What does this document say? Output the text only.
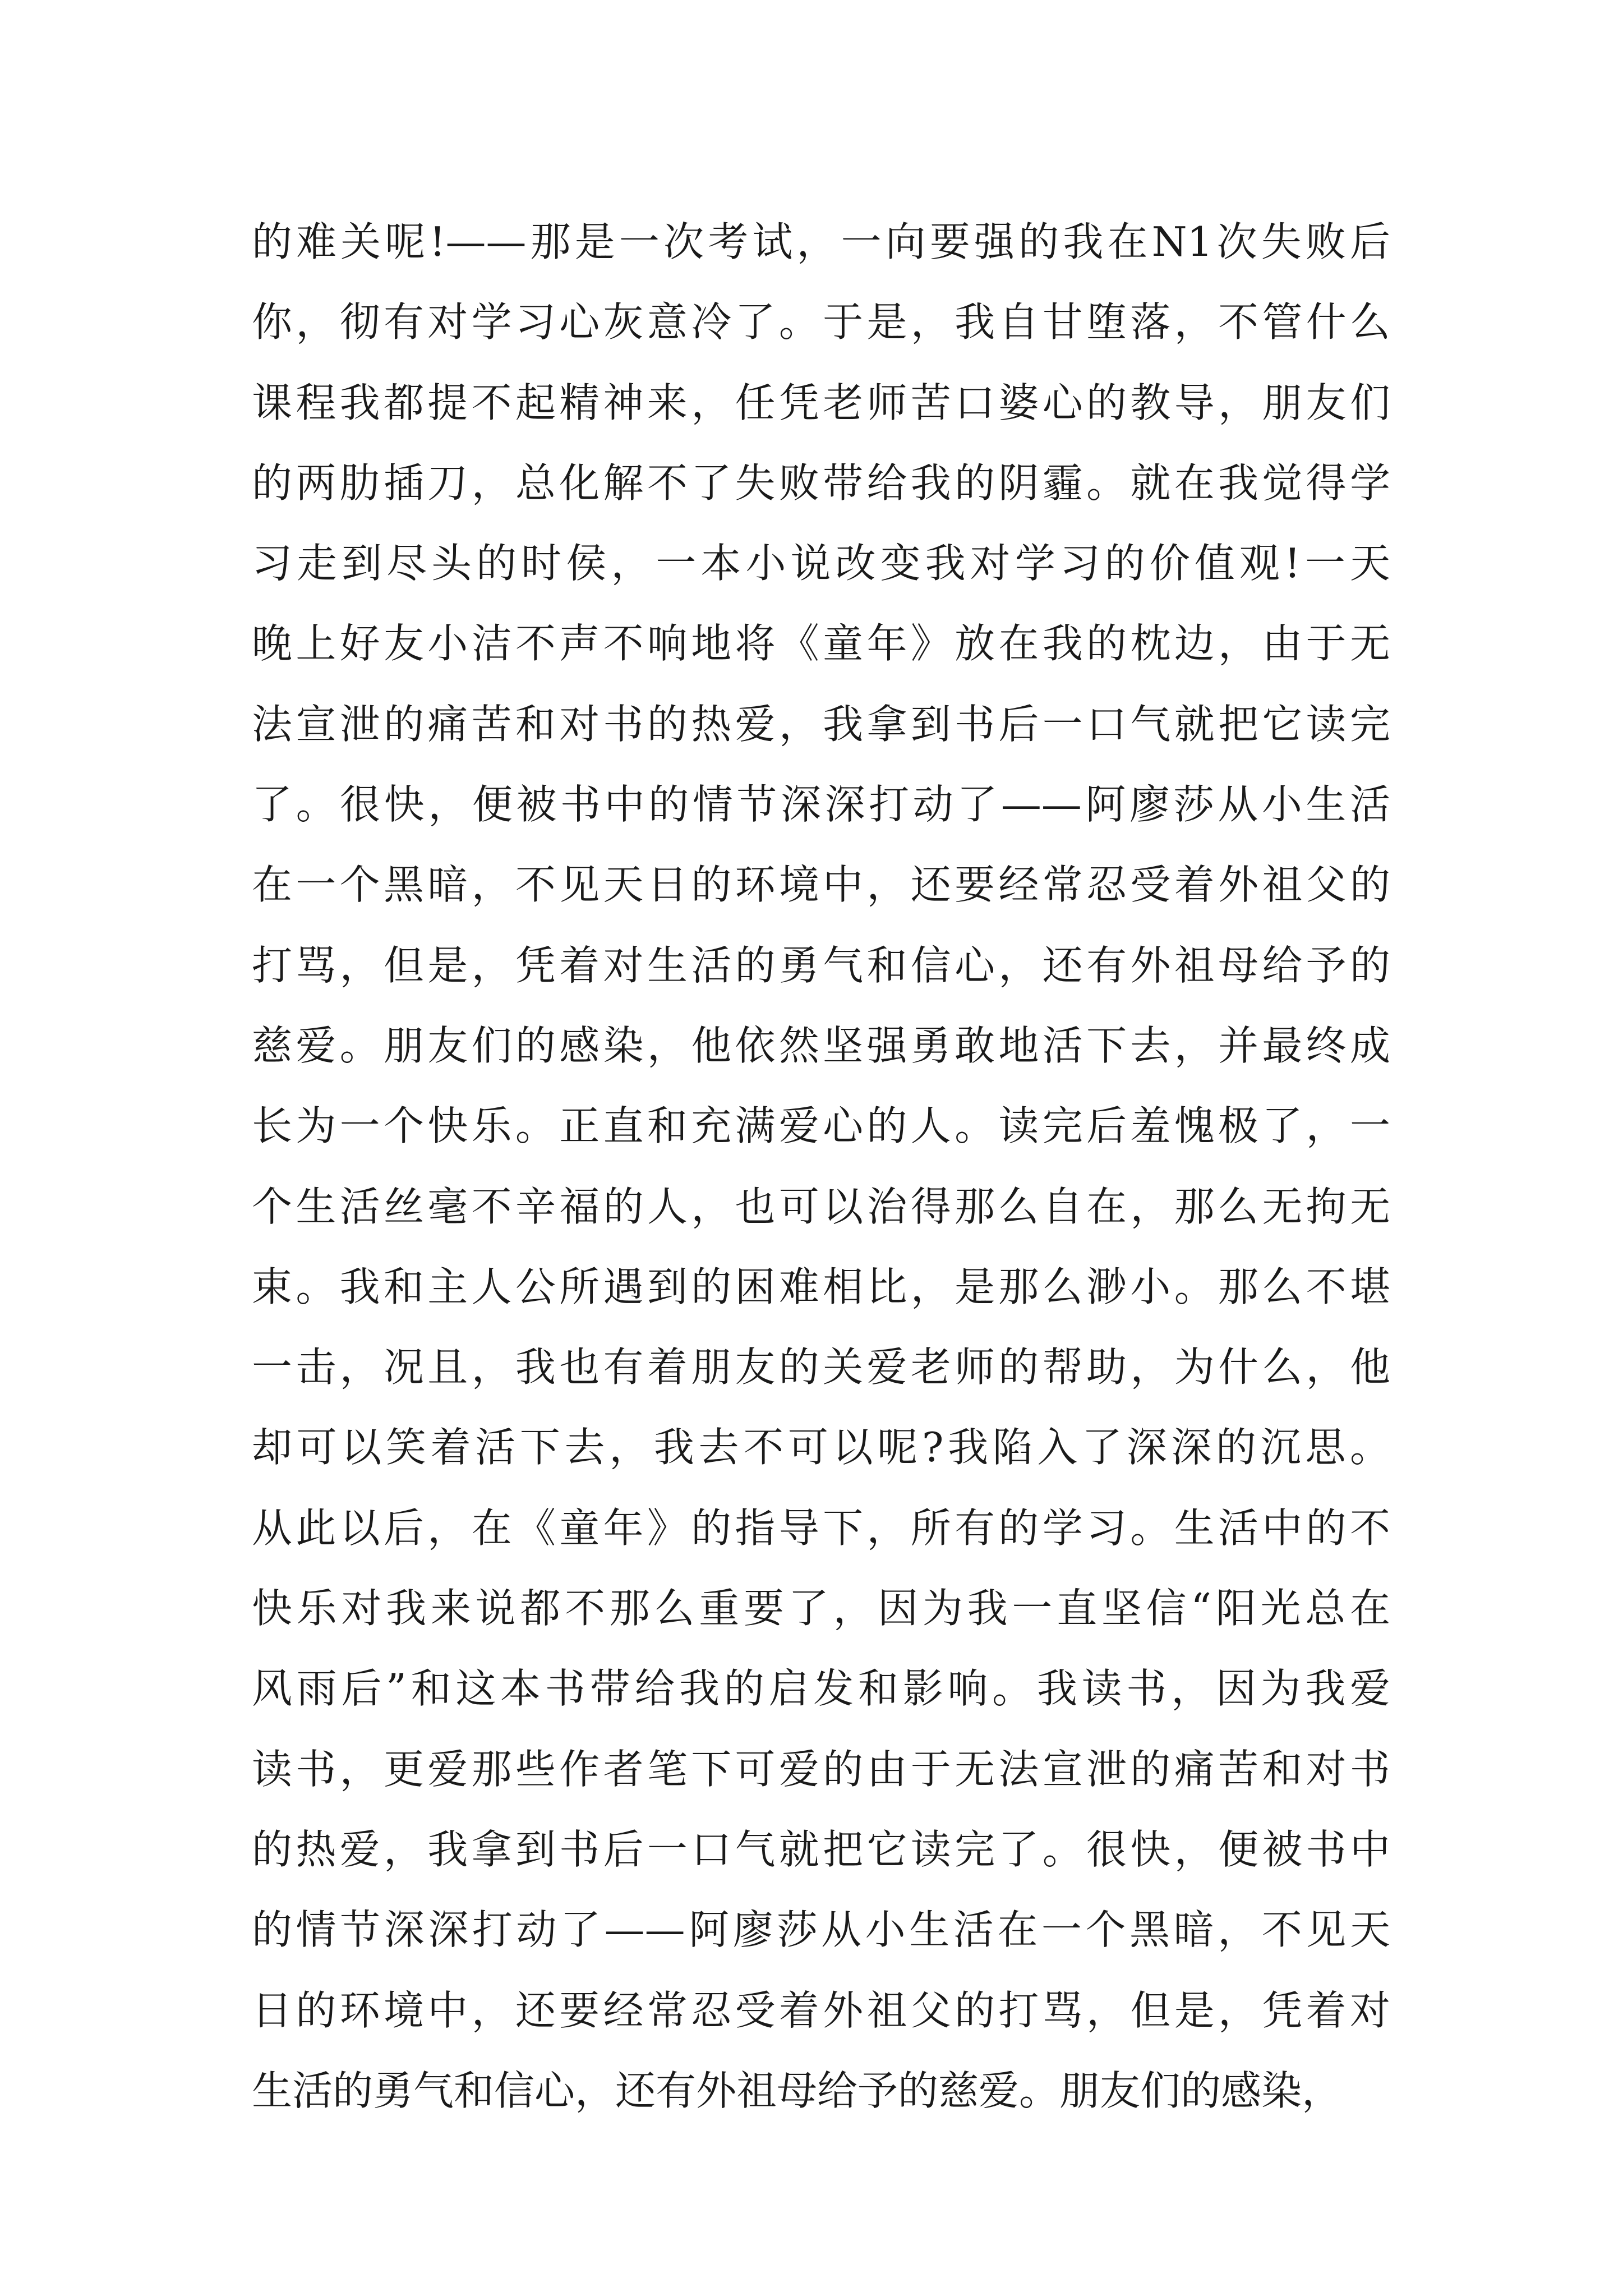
的难关呢!——那是一次考试，一向要强的我在N1次失败后
你，彻有对学习心灰意冷了。于是，我自甘堕落，不管什么
课程我都提不起精神来，任凭老师苦口婆心的教导，朋友们
的两肋插刀，总化解不了失败带给我的阴霾。就在我觉得学
习走到尽头的时侯，一本小说改变我对学习的价值观!一天
晚上好友小洁不声不响地将《童年》放在我的枕边，由于无
法宣泄的痛苦和对书的热爱，我拿到书后一口气就把它读完
了。很快，便被书中的情节深深打动了——阿廖莎从小生活
在一个黑暗，不见天日的环境中，还要经常忍受着外祖父的
打骂，但是，凭着对生活的勇气和信心，还有外祖母给予的
慈爱。朋友们的感染，他依然坚强勇敢地活下去，并最终成
长为一个快乐。正直和充满爱心的人。读完后羞愧极了，一
个生活丝毫不辛福的人，也可以治得那么自在，那么无拘无
束。我和主人公所遇到的困难相比，是那么渺小。那么不堪
一击，况且，我也有着朋友的关爱老师的帮助，为什么，他
却可以笑着活下去，我去不可以呢?我陷入了深深的沉思。
从此以后，在《童年》的指导下，所有的学习。生活中的不
快乐对我来说都不那么重要了，因为我一直坚信“阳光总在
风雨后”和这本书带给我的启发和影响。我读书，因为我爱
读书，更爱那些作者笔下可爱的由于无法宣泄的痛苦和对书
的热爱，我拿到书后一口气就把它读完了。很快，便被书中
的情节深深打动了——阿廖莎从小生活在一个黑暗，不见天
日的环境中，还要经常忍受着外祖父的打骂，但是，凭着对
生活的勇气和信心，还有外祖母给予的慈爱。朋友们的感染，
